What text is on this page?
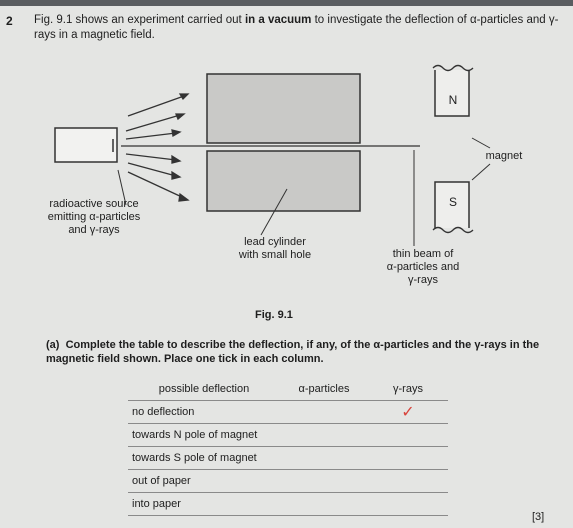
2 Fig. 9.1 shows an experiment carried out in a vacuum to investigate the deflection of α-particles and γ-rays in a magnetic field.
N
S
magnet
radioactive source
emitting α-particles
and γ-rays
lead cylinder
with small hole	thin beam of
α-particles and
γ-rays
Fig. 9.1
(a) Complete the table to describe the deflection, if any, of the α-particles and the γ-rays in the magnetic field shown. Place one tick in each column.
possible deflection	α-particles	γ-rays
no deflection		✓
towards N pole of magnet		
towards S pole of magnet		
out of paper		
into paper		
[3]
